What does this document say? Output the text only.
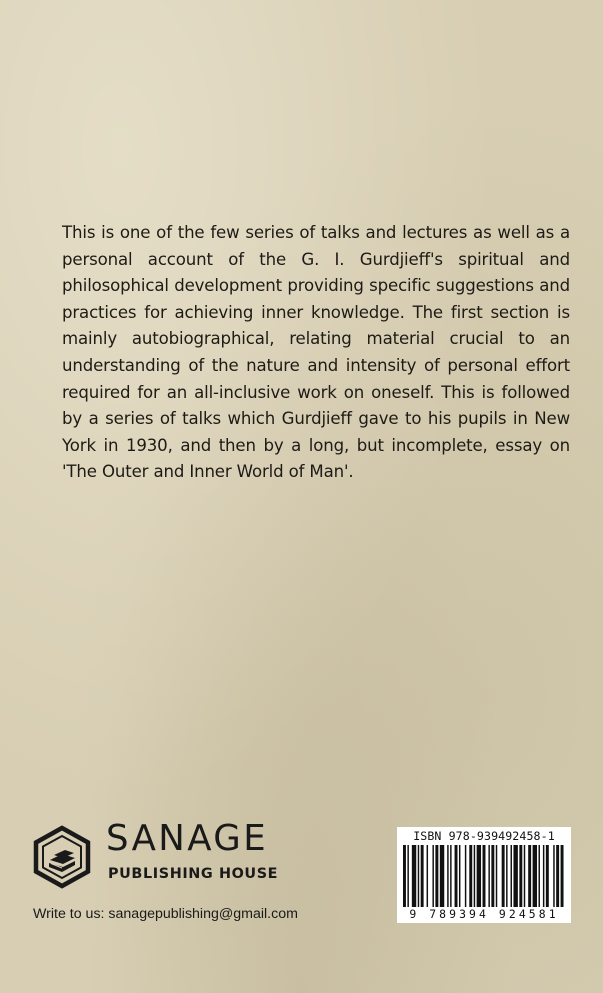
This is one of the few series of talks and lectures as well as a personal account of the G. I. Gurdjieff's spiritual and philosophical development providing specific suggestions and practices for achieving inner knowledge. The first section is mainly autobiographical, relating material crucial to an understanding of the nature and intensity of personal effort required for an all-inclusive work on oneself. This is followed by a series of talks which Gurdjieff gave to his pupils in New York in 1930, and then by a long, but incomplete, essay on 'The Outer and Inner World of Man'.
SANAGE
PUBLISHING HOUSE
Write to us: sanagepublishing@gmail.com
ISBN 978-939492458-1
9 789394 924581
